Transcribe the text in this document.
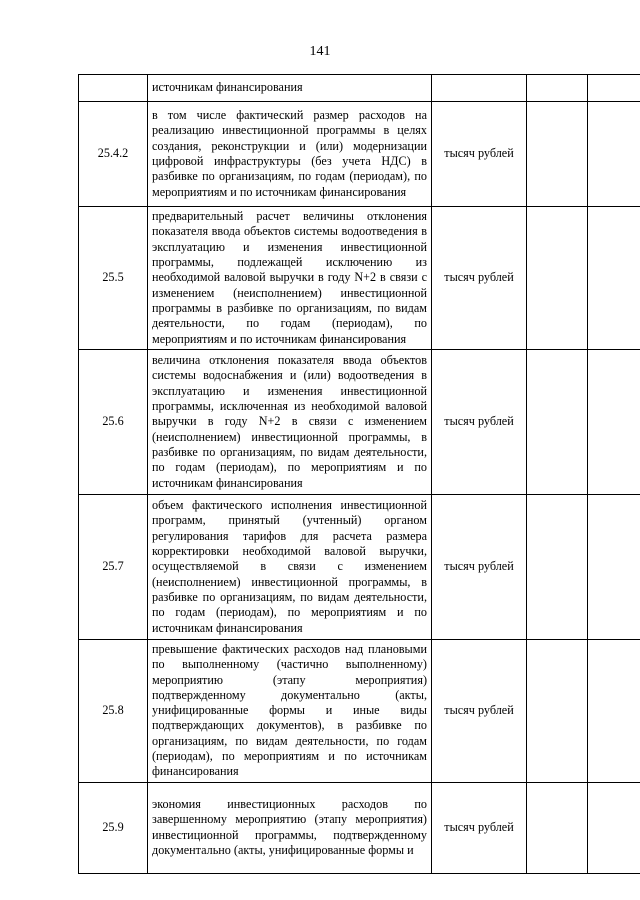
141
	источникам финансирования			
25.4.2	в том числе фактический размер расходов на реализацию инвестиционной программы в целях создания, реконструкции и (или) модернизации цифровой инфраструктуры (без учета НДС) в разбивке по организациям, по годам (периодам), по мероприятиям и по источникам финансирования	тысяч рублей		
25.5	предварительный расчет величины отклонения показателя ввода объектов системы водоотведения в эксплуатацию и изменения инвестиционной программы, подлежащей исключению из необходимой валовой выручки в году N+2 в связи с изменением (неисполнением) инвестиционной программы в разбивке по организациям, по видам деятельности, по годам (периодам), по мероприятиям и по источникам финансирования	тысяч рублей		
25.6	величина отклонения показателя ввода объектов системы водоснабжения и (или) водоотведения в эксплуатацию и изменения инвестиционной программы, исключенная из необходимой валовой выручки в году N+2 в связи с изменением (неисполнением) инвестиционной программы, в разбивке по организациям, по видам деятельности, по годам (периодам), по мероприятиям и по источникам финансирования	тысяч рублей		
25.7	объем фактического исполнения инвестиционной программ, принятый (учтенный) органом регулирования тарифов для расчета размера корректировки необходимой валовой выручки, осуществляемой в связи с изменением (неисполнением) инвестиционной программы, в разбивке по организациям, по видам деятельности, по годам (периодам), по мероприятиям и по источникам финансирования	тысяч рублей		
25.8	превышение фактических расходов над плановыми по выполненному (частично выполненному) мероприятию (этапу мероприятия) подтвержденному документально (акты, унифицированные формы и иные виды подтверждающих документов), в разбивке по организациям, по видам деятельности, по годам (периодам), по мероприятиям и по источникам финансирования	тысяч рублей		
25.9	экономия инвестиционных расходов по завершенному мероприятию (этапу мероприятия) инвестиционной программы, подтвержденному документально (акты, унифицированные формы и	тысяч рублей		
